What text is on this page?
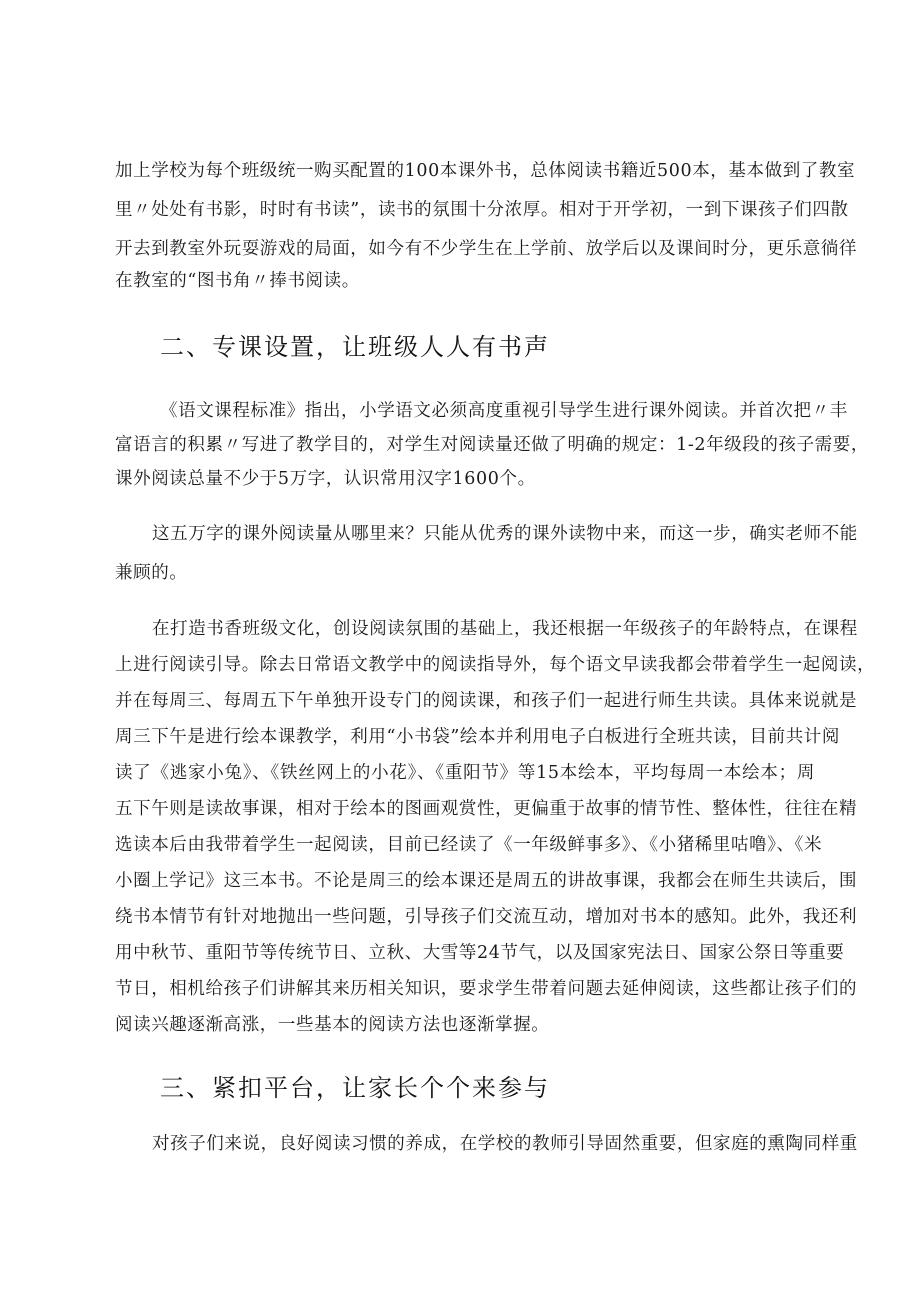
加上学校为每个班级统一购买配置的100本课外书，总体阅读书籍近500本，基本做到了教室
里〃处处有书影，时时有书读”，读书的氛围十分浓厚。相对于开学初，一到下课孩子们四散
开去到教室外玩耍游戏的局面，如今有不少学生在上学前、放学后以及课间时分，更乐意徜徉
在教室的“图书角〃捧书阅读。
二、专课设置，让班级人人有书声
《语文课程标准》指出，小学语文必须高度重视引导学生进行课外阅读。并首次把〃丰
富语言的积累〃写进了教学目的，对学生对阅读量还做了明确的规定：1-2年级段的孩子需要，
课外阅读总量不少于5万字，认识常用汉字1600个。
这五万字的课外阅读量从哪里来？只能从优秀的课外读物中来，而这一步，确实老师不能
兼顾的。
在打造书香班级文化，创设阅读氛围的基础上，我还根据一年级孩子的年龄特点，在课程
上进行阅读引导。除去日常语文教学中的阅读指导外，每个语文早读我都会带着学生一起阅读，
并在每周三、每周五下午单独开设专门的阅读课，和孩子们一起进行师生共读。具体来说就是
周三下午是进行绘本课教学，利用“小书袋”绘本并利用电子白板进行全班共读，目前共计阅
读了《逃家小兔》、《铁丝网上的小花》、《重阳节》等15本绘本，平均每周一本绘本；周
五下午则是读故事课，相对于绘本的图画观赏性，更偏重于故事的情节性、整体性，往往在精
选读本后由我带着学生一起阅读，目前已经读了《一年级鲜事多》、《小猪稀里咕噜》、《米
小圈上学记》这三本书。不论是周三的绘本课还是周五的讲故事课，我都会在师生共读后，围
绕书本情节有针对地抛出一些问题，引导孩子们交流互动，增加对书本的感知。此外，我还利
用中秋节、重阳节等传统节日、立秋、大雪等24节气，以及国家宪法日、国家公祭日等重要
节日，相机给孩子们讲解其来历相关知识，要求学生带着问题去延伸阅读，这些都让孩子们的
阅读兴趣逐渐高涨，一些基本的阅读方法也逐渐掌握。
三、紧扣平台，让家长个个来参与
对孩子们来说，良好阅读习惯的养成，在学校的教师引导固然重要，但家庭的熏陶同样重
